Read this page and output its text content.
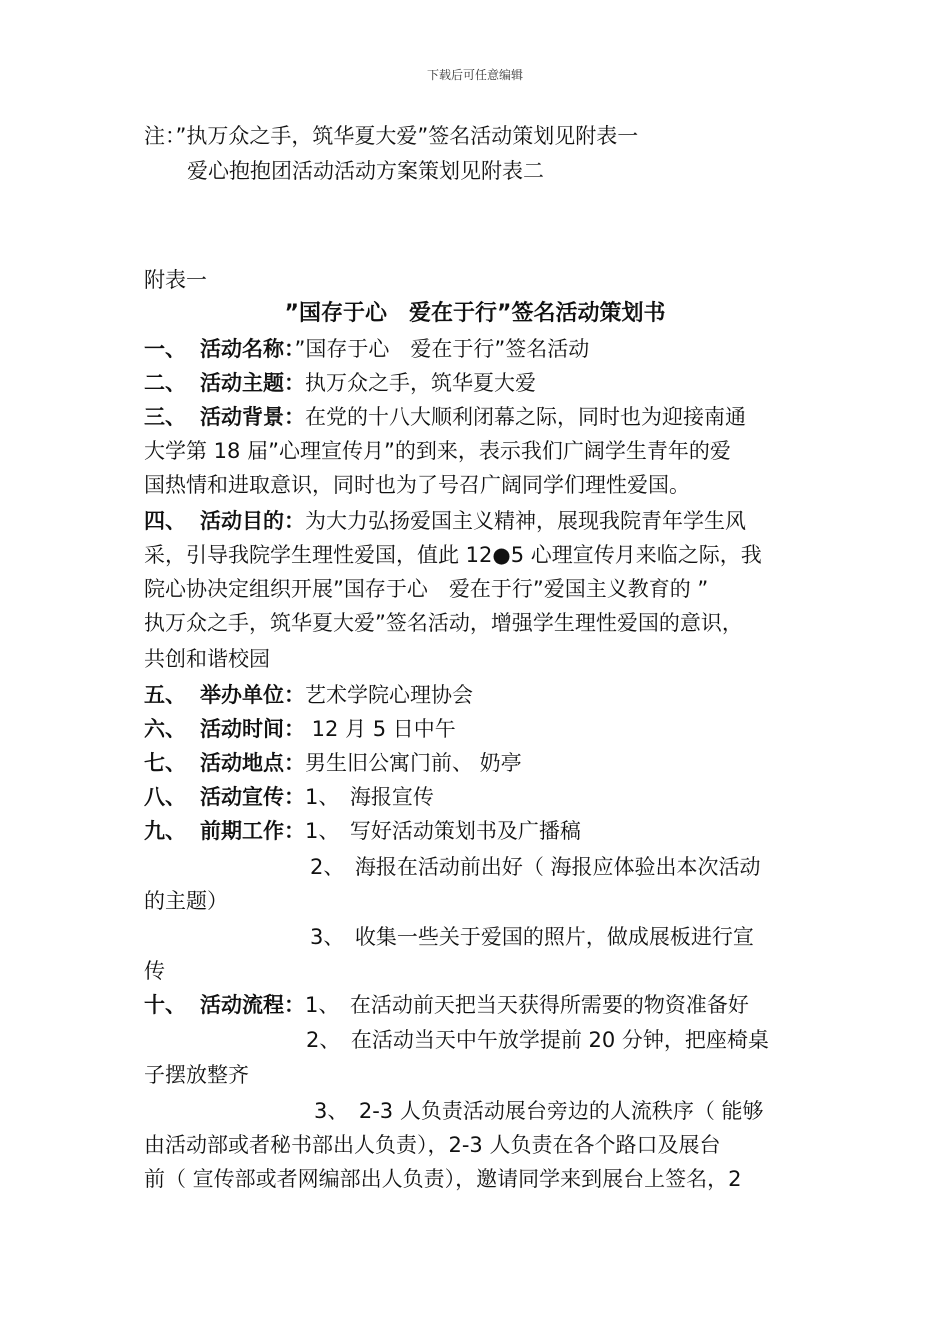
下载后可任意编辑
注：”执万众之手，筑华夏大爱”签名活动策划见附表一
爱心抱抱团活动活动方案策划见附表二
附表一
”国存于心　爱在于行”签名活动策划书
一、 活动名称：”国存于心　爱在于行”签名活动
二、 活动主题：执万众之手，筑华夏大爱
三、 活动背景：在党的十八大顺利闭幕之际，同时也为迎接南通
大学第 18 届”心理宣传月”的到来，表示我们广阔学生青年的爱
国热情和进取意识，同时也为了号召广阔同学们理性爱国。
四、 活动目的：为大力弘扬爱国主义精神，展现我院青年学生风
采，引导我院学生理性爱国，值此 12●5 心理宣传月来临之际，我
院心协决定组织开展”国存于心　爱在于行”爱国主义教育的 ”
执万众之手，筑华夏大爱”签名活动，增强学生理性爱国的意识，
共创和谐校园
五、 举办单位：艺术学院心理协会
六、 活动时间： 12 月 5 日中午
七、 活动地点：男生旧公寓门前、 奶亭
八、 活动宣传：1、　海报宣传
九、 前期工作：1、　写好活动策划书及广播稿
2、　海报在活动前出好（ 海报应体验出本次活动
的主题）
3、　收集一些关于爱国的照片，做成展板进行宣
传
十、 活动流程：1、　在活动前天把当天获得所需要的物资准备好
2、　在活动当天中午放学提前 20 分钟，把座椅桌
子摆放整齐
3、　2-3 人负责活动展台旁边的人流秩序（ 能够
由活动部或者秘书部出人负责），2-3 人负责在各个路口及展台
前（ 宣传部或者网编部出人负责），邀请同学来到展台上签名，2
